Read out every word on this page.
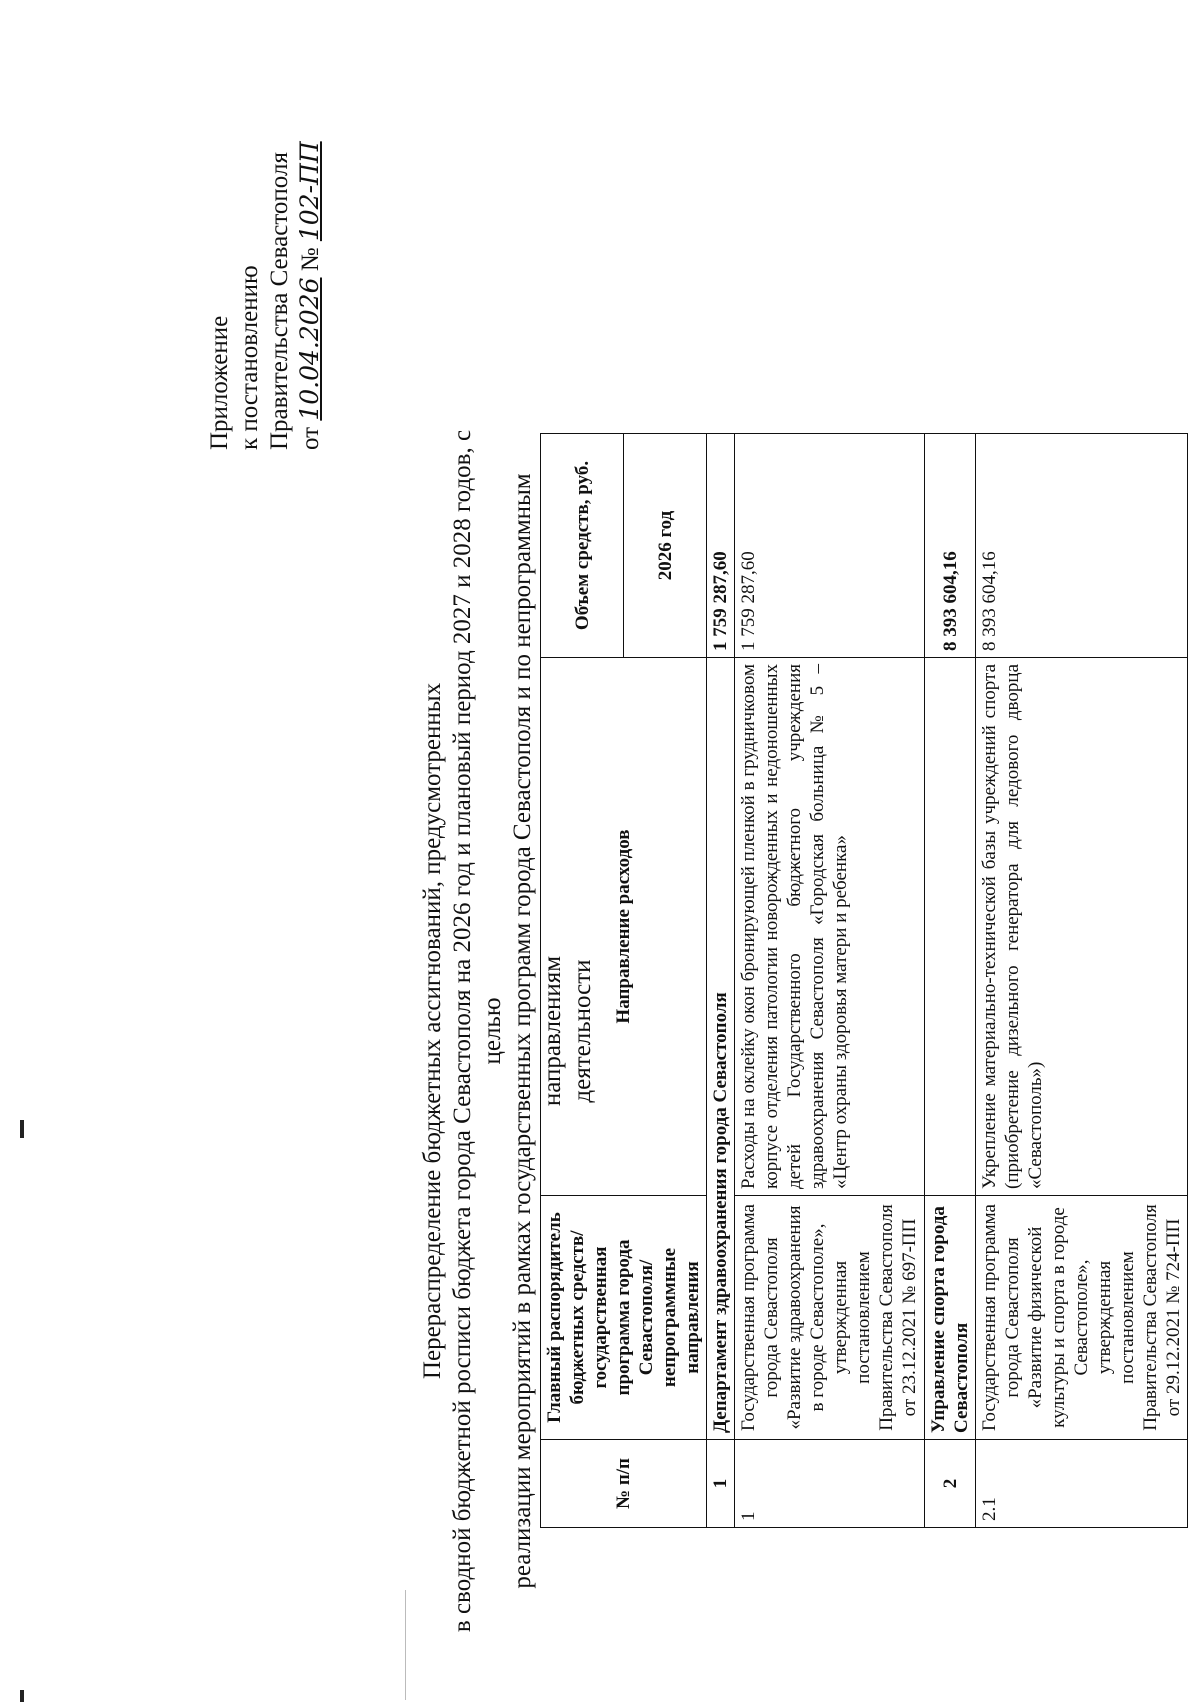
Приложение к постановлению Правительства Севастополя от 10.04.2026 № 102-ПП
Перераспределение бюджетных ассигнований, предусмотренных в сводной бюджетной росписи бюджета города Севастополя на 2026 год и плановый период 2027 и 2028 годов, с целью реализации мероприятий в рамках государственных программ города Севастополя и по непрограммным направлениям деятельности
№ п/п	Главный распорядитель бюджетных средств/государственная программа города Севастополя/непрограммные направления	Направление расходов	Объем средств, руб.
			2026 год
1	Департамент здравоохранения города Севастополя		1 759 287,60
1	Государственная программа города Севастополя «Развитие здравоохранения в городе Севастополе», утвержденная постановлением Правительства Севастополя от 23.12.2021 № 697-ПП	Расходы на оклейку окон бронирующей пленкой в грудничковом корпусе отделения патологии новорожденных и недоношенных детей Государственного бюджетного учреждения здравоохранения Севастополя «Городская больница № 5 – «Центр охраны здоровья матери и ребенка»	1 759 287,60
2	Управление спорта города Севастополя		8 393 604,16
2.1	Государственная программа города Севастополя «Развитие физической культуры и спорта в городе Севастополе», утвержденная постановлением Правительства Севастополя от 29.12.2021 № 724-ПП	Укрепление материально-технической базы учреждений спорта (приобретение дизельного генератора для ледового дворца «Севастополь»)	8 393 604,16
